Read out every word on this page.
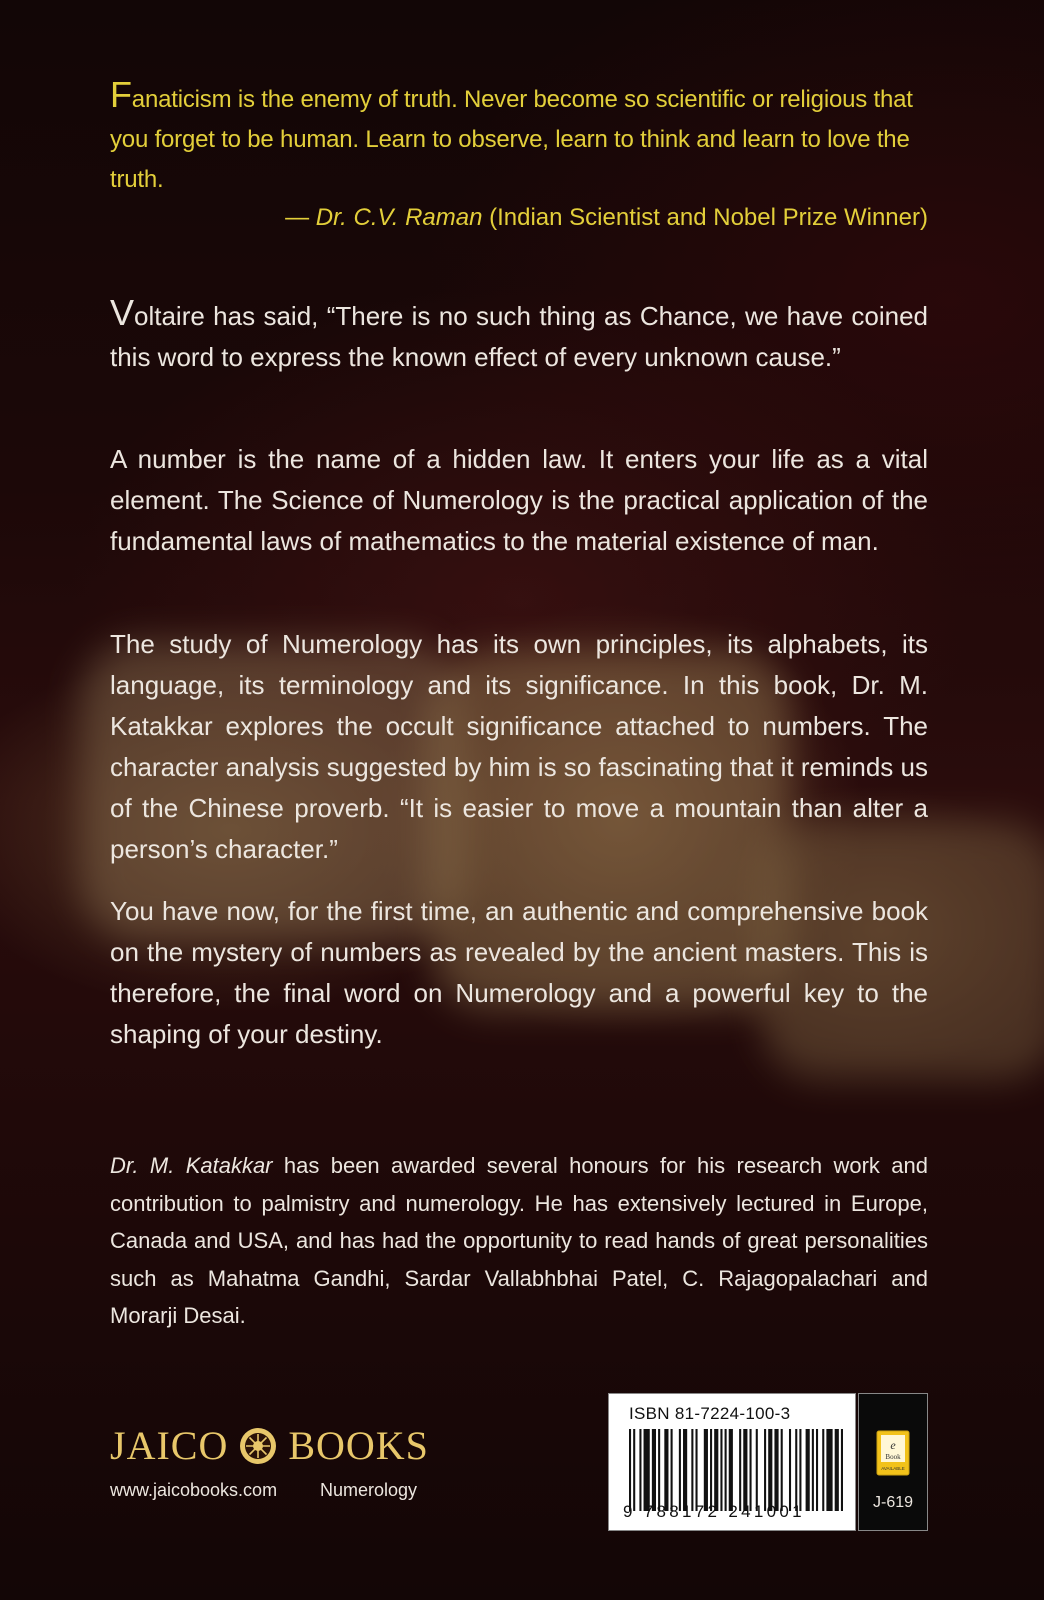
Fanaticism is the enemy of truth. Never become so scientific or religious that you forget to be human. Learn to observe, learn to think and learn to love the truth.
— Dr. C.V. Raman (Indian Scientist and Nobel Prize Winner)

Voltaire has said, “There is no such thing as Chance, we have coined this word to express the known effect of every unknown cause.”

A number is the name of a hidden law. It enters your life as a vital element. The Science of Numerology is the practical application of the fundamental laws of mathematics to the material existence of man.

The study of Numerology has its own principles, its alphabets, its language, its terminology and its significance. In this book, Dr. M. Katakkar explores the occult significance attached to numbers. The character analysis suggested by him is so fascinating that it reminds us of the Chinese proverb. “It is easier to move a mountain than alter a person’s character.”

You have now, for the first time, an authentic and comprehensive book on the mystery of numbers as revealed by the ancient masters. This is therefore, the final word on Numerology and a powerful key to the shaping of your destiny.

Dr. M. Katakkar has been awarded several honours for his research work and contribution to palmistry and numerology. He has extensively lectured in Europe, Canada and USA, and has had the opportunity to read hands of great personalities such as Mahatma Gandhi, Sardar Vallabhbhai Patel, C. Rajagopalachari and Morarji Desai.

JAICO BOOKS
www.jaicobooks.com Numerology
ISBN 81-7224-100-3
9 788172 241001
e
Book
AVAILABLE
J-619
